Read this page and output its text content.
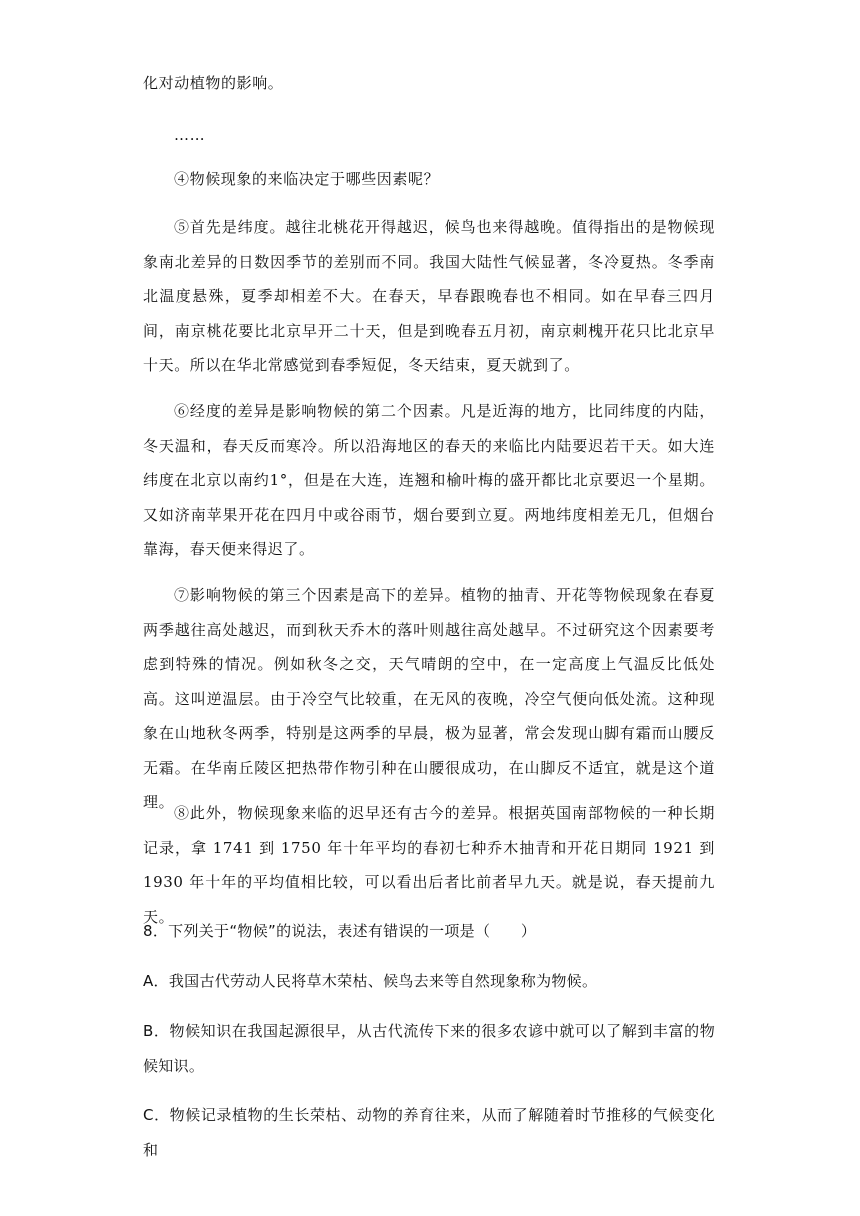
化对动植物的影响。

……

④物候现象的来临决定于哪些因素呢？

⑤首先是纬度。越往北桃花开得越迟，候鸟也来得越晚。值得指出的是物候现象南北差异的日数因季节的差别而不同。我国大陆性气候显著，冬冷夏热。冬季南北温度悬殊，夏季却相差不大。在春天，早春跟晚春也不相同。如在早春三四月间，南京桃花要比北京早开二十天，但是到晚春五月初，南京刺槐开花只比北京早十天。所以在华北常感觉到春季短促，冬天结束，夏天就到了。

⑥经度的差异是影响物候的第二个因素。凡是近海的地方，比同纬度的内陆，冬天温和，春天反而寒冷。所以沿海地区的春天的来临比内陆要迟若干天。如大连纬度在北京以南约1°，但是在大连，连翘和榆叶梅的盛开都比北京要迟一个星期。又如济南苹果开花在四月中或谷雨节，烟台要到立夏。两地纬度相差无几，但烟台靠海，春天便来得迟了。

⑦影响物候的第三个因素是高下的差异。植物的抽青、开花等物候现象在春夏两季越往高处越迟，而到秋天乔木的落叶则越往高处越早。不过研究这个因素要考虑到特殊的情况。例如秋冬之交，天气晴朗的空中，在一定高度上气温反比低处高。这叫逆温层。由于冷空气比较重，在无风的夜晚，冷空气便向低处流。这种现象在山地秋冬两季，特别是这两季的早晨，极为显著，常会发现山脚有霜而山腰反无霜。在华南丘陵区把热带作物引种在山腰很成功，在山脚反不适宜，就是这个道理。

⑧此外，物候现象来临的迟早还有古今的差异。根据英国南部物候的一种长期记录，拿 1741 到 1750 年十年平均的春初七种乔木抽青和开花日期同 1921 到 1930 年十年的平均值相比较，可以看出后者比前者早九天。就是说，春天提前九天。

8．下列关于“物候”的说法，表述有错误的一项是（　　）

A．我国古代劳动人民将草木荣枯、候鸟去来等自然现象称为物候。

B．物候知识在我国起源很早，从古代流传下来的很多农谚中就可以了解到丰富的物候知识。

C．物候记录植物的生长荣枯、动物的养育往来，从而了解随着时节推移的气候变化和
